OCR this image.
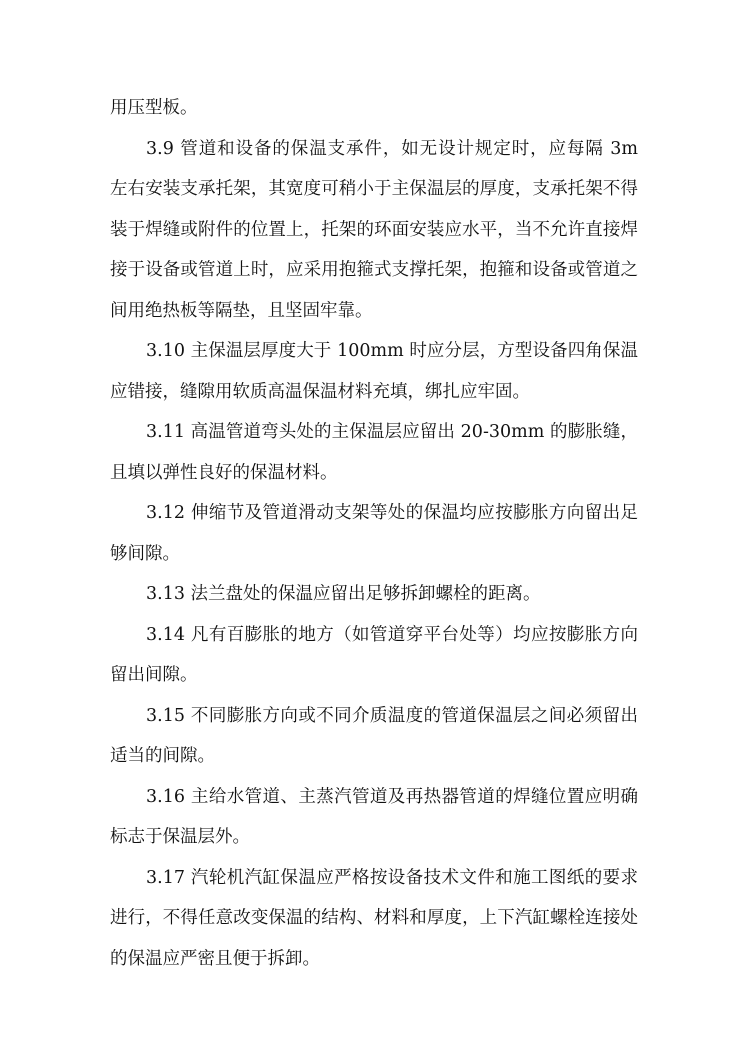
用压型板。

3.9 管道和设备的保温支承件，如无设计规定时，应每隔 3m 左右安装支承托架，其宽度可稍小于主保温层的厚度，支承托架不得装于焊缝或附件的位置上，托架的环面安装应水平，当不允许直接焊接于设备或管道上时，应采用抱箍式支撑托架，抱箍和设备或管道之间用绝热板等隔垫，且坚固牢靠。

3.10 主保温层厚度大于 100mm 时应分层，方型设备四角保温应错接，缝隙用软质高温保温材料充填，绑扎应牢固。

3.11 高温管道弯头处的主保温层应留出 20-30mm 的膨胀缝，且填以弹性良好的保温材料。

3.12 伸缩节及管道滑动支架等处的保温均应按膨胀方向留出足够间隙。

3.13 法兰盘处的保温应留出足够拆卸螺栓的距离。

3.14 凡有百膨胀的地方（如管道穿平台处等）均应按膨胀方向留出间隙。

3.15 不同膨胀方向或不同介质温度的管道保温层之间必须留出适当的间隙。

3.16 主给水管道、主蒸汽管道及再热器管道的焊缝位置应明确标志于保温层外。

3.17 汽轮机汽缸保温应严格按设备技术文件和施工图纸的要求进行，不得任意改变保温的结构、材料和厚度，上下汽缸螺栓连接处的保温应严密且便于拆卸。
